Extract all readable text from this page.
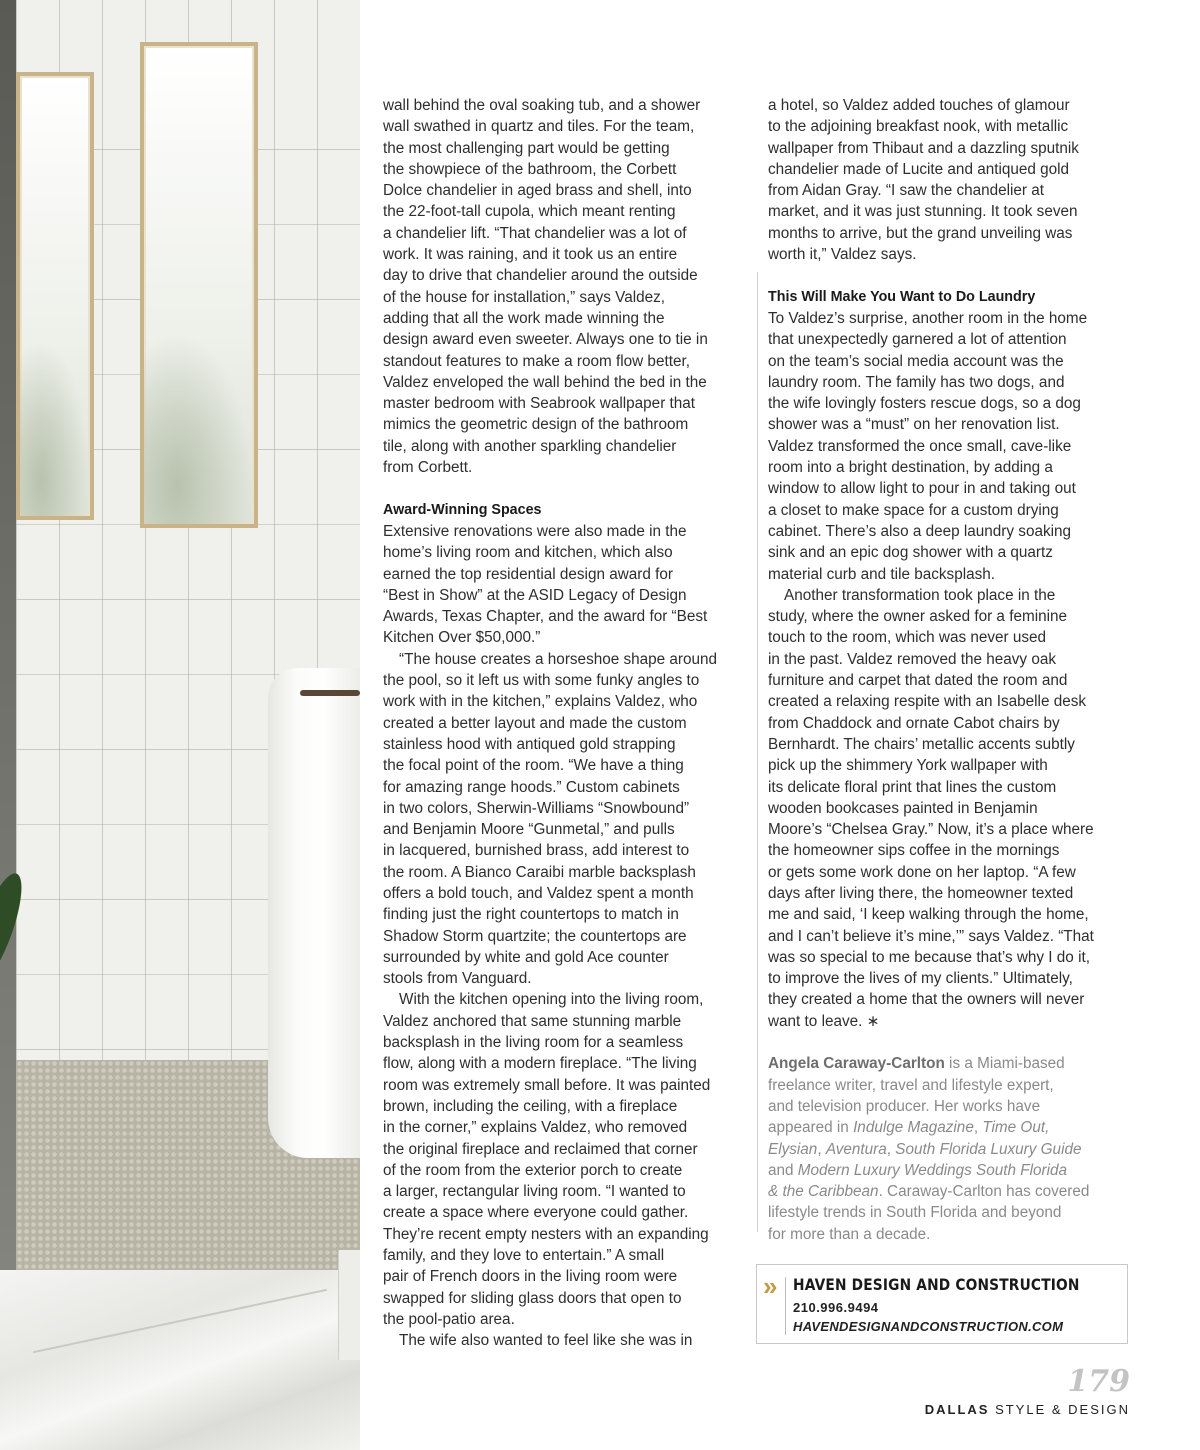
wall behind the oval soaking tub, and a shower
wall swathed in quartz and tiles. For the team,
the most challenging part would be getting
the showpiece of the bathroom, the Corbett
Dolce chandelier in aged brass and shell, into
the 22-foot-tall cupola, which meant renting
a chandelier lift. “That chandelier was a lot of
work. It was raining, and it took us an entire
day to drive that chandelier around the outside
of the house for installation,” says Valdez,
adding that all the work made winning the
design award even sweeter. Always one to tie in
standout features to make a room flow better,
Valdez enveloped the wall behind the bed in the
master bedroom with Seabrook wallpaper that
mimics the geometric design of the bathroom
tile, along with another sparkling chandelier
from Corbett.

Award-Winning Spaces

Extensive renovations were also made in the
home’s living room and kitchen, which also
earned the top residential design award for
“Best in Show” at the ASID Legacy of Design
Awards, Texas Chapter, and the award for “Best
Kitchen Over $50,000.”

“The house creates a horseshoe shape around
the pool, so it left us with some funky angles to
work with in the kitchen,” explains Valdez, who
created a better layout and made the custom
stainless hood with antiqued gold strapping
the focal point of the room. “We have a thing
for amazing range hoods.” Custom cabinets
in two colors, Sherwin-Williams “Snowbound”
and Benjamin Moore “Gunmetal,” and pulls
in lacquered, burnished brass, add interest to
the room. A Bianco Caraibi marble backsplash
offers a bold touch, and Valdez spent a month
finding just the right countertops to match in
Shadow Storm quartzite; the countertops are
surrounded by white and gold Ace counter
stools from Vanguard.

With the kitchen opening into the living room,
Valdez anchored that same stunning marble
backsplash in the living room for a seamless
flow, along with a modern fireplace. “The living
room was extremely small before. It was painted
brown, including the ceiling, with a fireplace
in the corner,” explains Valdez, who removed
the original fireplace and reclaimed that corner
of the room from the exterior porch to create
a larger, rectangular living room. “I wanted to
create a space where everyone could gather.
They’re recent empty nesters with an expanding
family, and they love to entertain.” A small
pair of French doors in the living room were
swapped for sliding glass doors that open to
the pool-patio area.

The wife also wanted to feel like she was in

a hotel, so Valdez added touches of glamour
to the adjoining breakfast nook, with metallic
wallpaper from Thibaut and a dazzling sputnik
chandelier made of Lucite and antiqued gold
from Aidan Gray. “I saw the chandelier at
market, and it was just stunning. It took seven
months to arrive, but the grand unveiling was
worth it,” Valdez says.

This Will Make You Want to Do Laundry

To Valdez’s surprise, another room in the home
that unexpectedly garnered a lot of attention
on the team’s social media account was the
laundry room. The family has two dogs, and
the wife lovingly fosters rescue dogs, so a dog
shower was a “must” on her renovation list.
Valdez transformed the once small, cave-like
room into a bright destination, by adding a
window to allow light to pour in and taking out
a closet to make space for a custom drying
cabinet. There’s also a deep laundry soaking
sink and an epic dog shower with a quartz
material curb and tile backsplash.

Another transformation took place in the
study, where the owner asked for a feminine
touch to the room, which was never used
in the past. Valdez removed the heavy oak
furniture and carpet that dated the room and
created a relaxing respite with an Isabelle desk
from Chaddock and ornate Cabot chairs by
Bernhardt. The chairs’ metallic accents subtly
pick up the shimmery York wallpaper with
its delicate floral print that lines the custom
wooden bookcases painted in Benjamin
Moore’s “Chelsea Gray.” Now, it’s a place where
the homeowner sips coffee in the mornings
or gets some work done on her laptop. “A few
days after living there, the homeowner texted
me and said, ‘I keep walking through the home,
and I can’t believe it’s mine,’” says Valdez. “That
was so special to me because that’s why I do it,
to improve the lives of my clients.” Ultimately,
they created a home that the owners will never
want to leave. ∗

Angela Caraway-Carlton is a Miami-based
freelance writer, travel and lifestyle expert,
and television producer. Her works have
appeared in Indulge Magazine, Time Out,
Elysian, Aventura, South Florida Luxury Guide
and Modern Luxury Weddings South Florida
& the Caribbean. Caraway-Carlton has covered
lifestyle trends in South Florida and beyond
for more than a decade.

» HAVEN DESIGN AND CONSTRUCTION
210.996.9494
HAVENDESIGNANDCONSTRUCTION.COM
179
DALLAS STYLE & DESIGN
